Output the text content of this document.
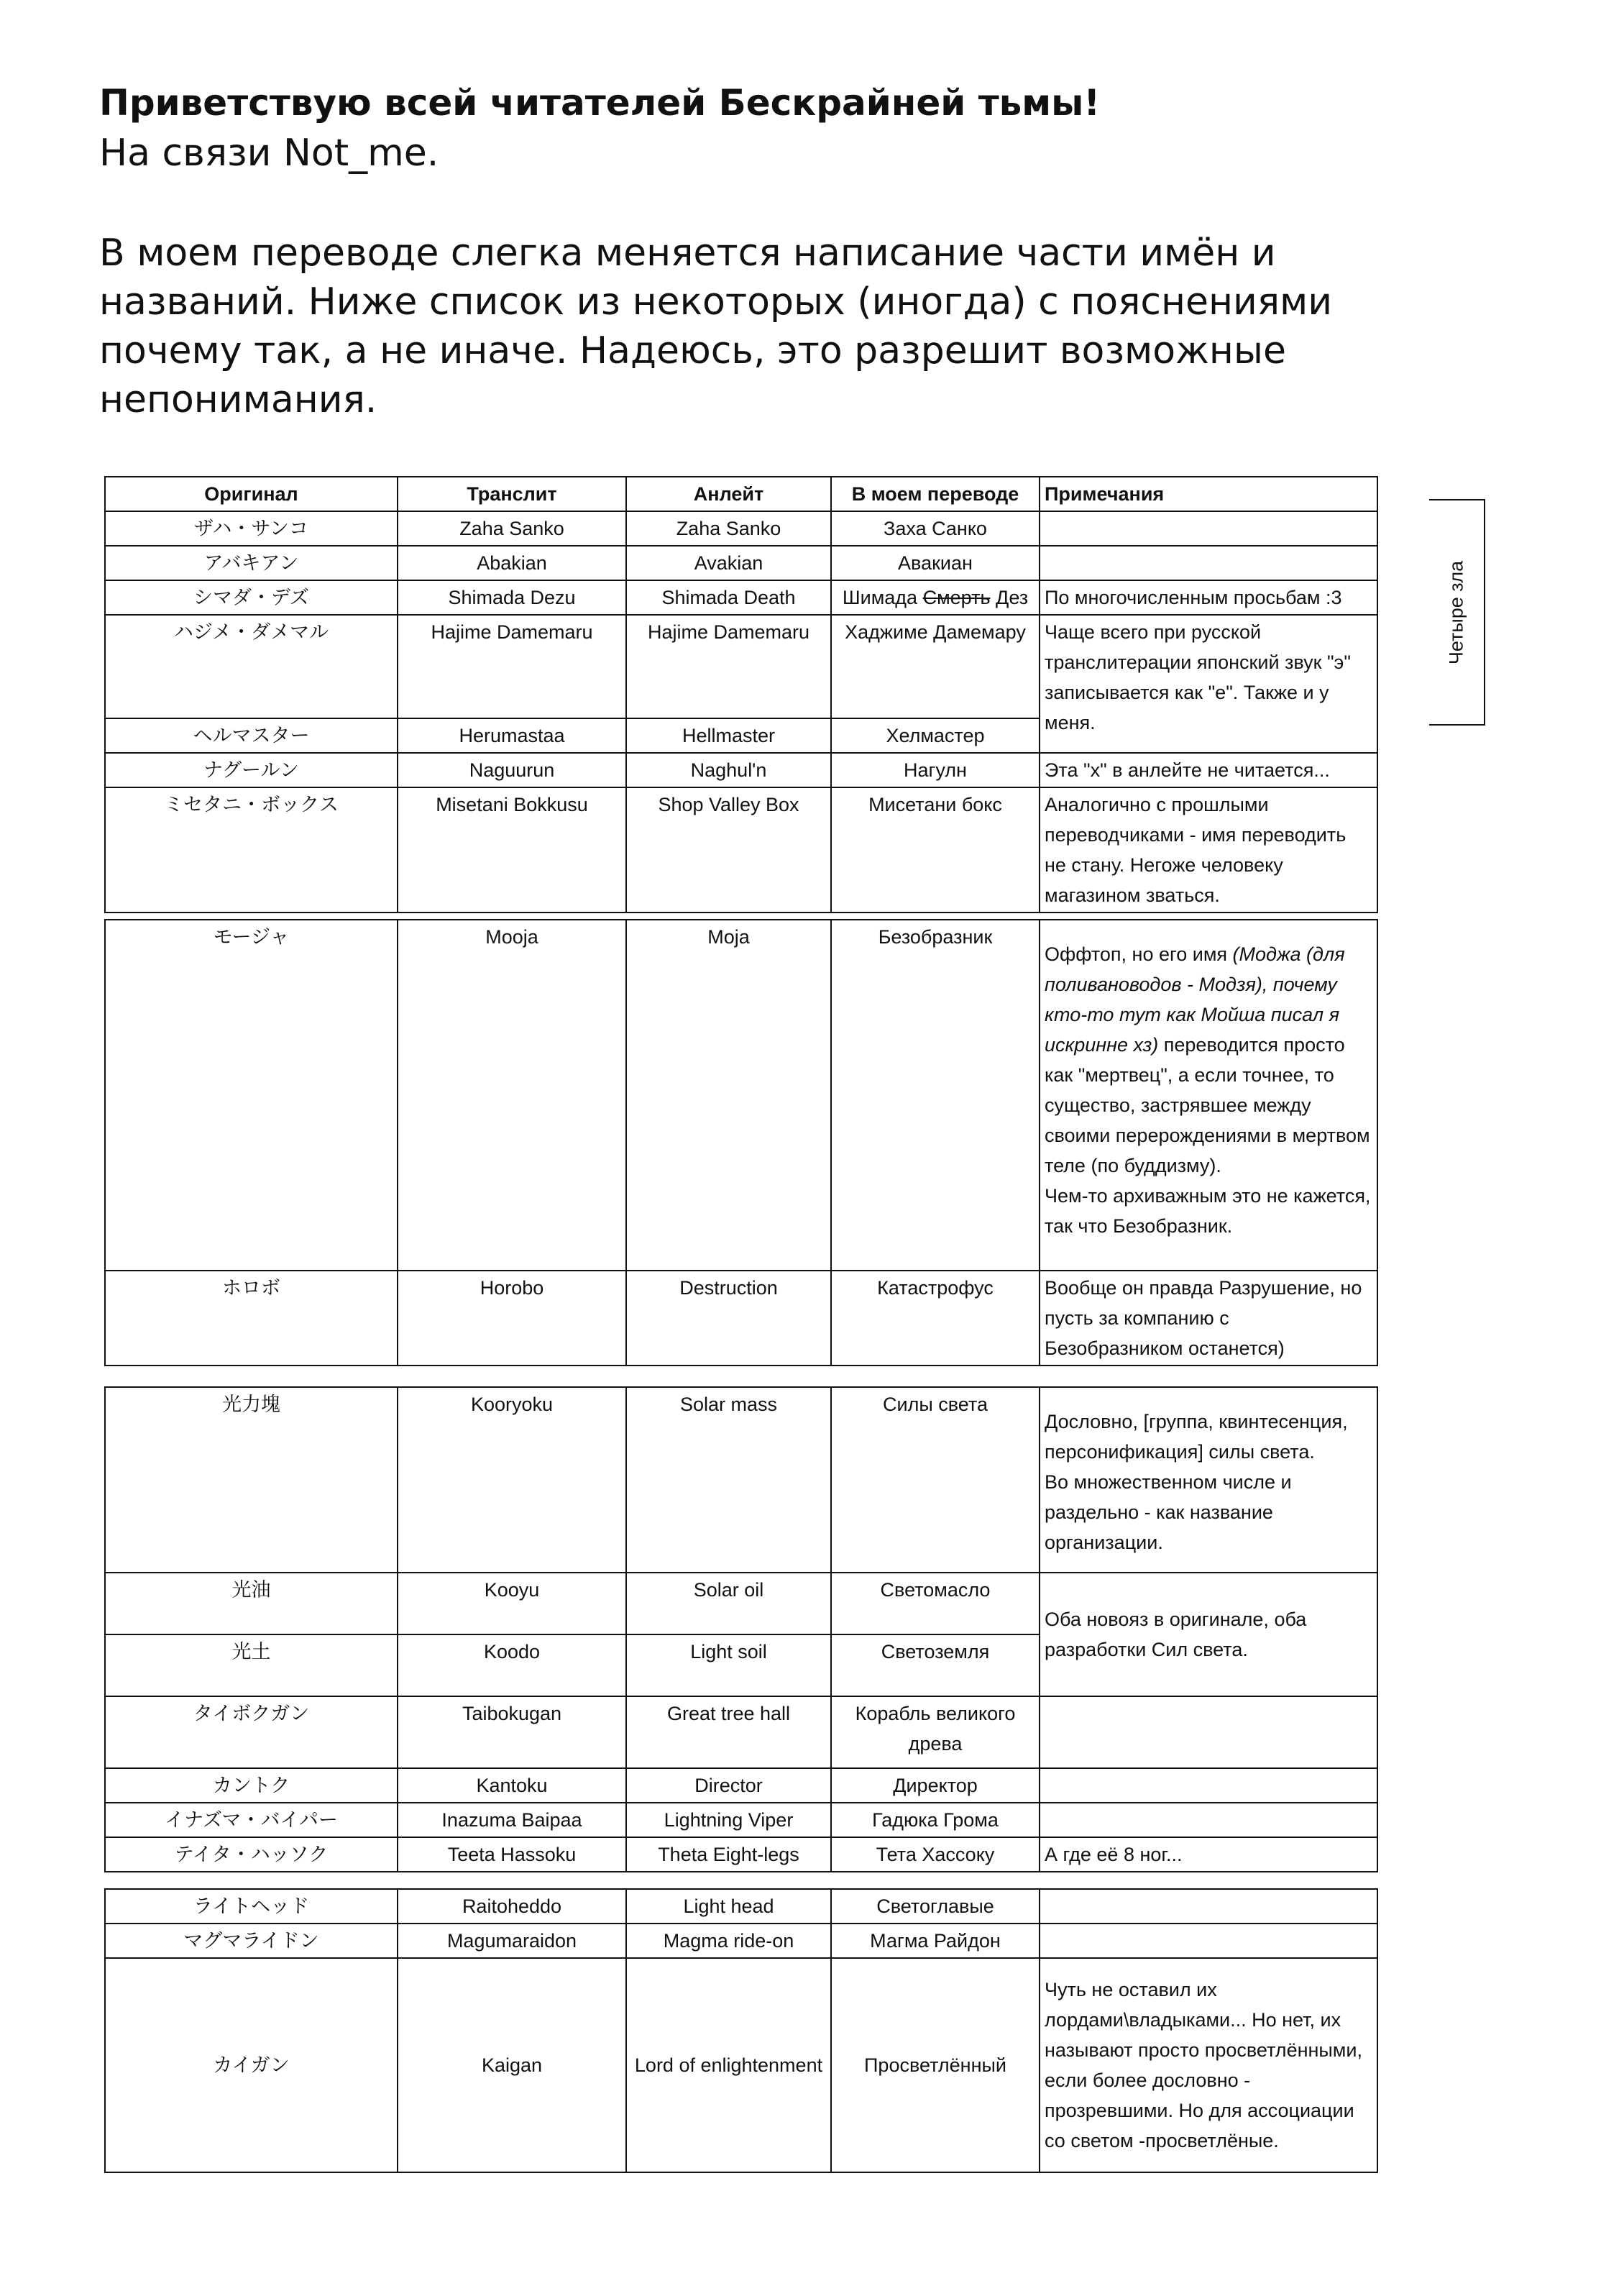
Приветствую всей читателей Бескрайней тьмы!

На связи Not_me.

В моем переводе слегка меняется написание части имён и названий. Ниже список из некоторых (иногда) с пояснениями почему так, а не иначе. Надеюсь, это разрешит возможные непонимания.

Оригинал	Транслит	Анлейт	В моем переводе	Примечания
ザハ・サンコ	Zaha Sanko	Zaha Sanko	Заха Санко	
アバキアン	Abakian	Avakian	Авакиан	
シマダ・デズ	Shimada Dezu	Shimada Death	Шимада Смерть Дез	По многочисленным просьбам :3
ハジメ・ダメマル	Hajime Damemaru	Hajime Damemaru	Хаджиме Дамемару	Чаще всего при русской транслитерации японский звук "э" записывается как "е". Также и у меня.
ヘルマスター	Herumastaa	Hellmaster	Хелмастер	
ナグールン	Naguurun	Naghul'n	Нагулн	Эта "х" в анлейте не читается...
ミセタニ・ボックス	Misetani Bokkusu	Shop Valley Box	Мисетани бокс	Аналогично с прошлыми переводчиками - имя переводить не стану. Негоже человеку магазином зваться.
Четыре зла
モージャ	Mooja	Moja	Безобразник	Оффтоп, но его имя (Моджа (для поливановодов - Модзя), почему кто-то тут как Мойша писал я искринне хз) переводится просто как "мертвец", а если точнее, то существо, застрявшее между своими перерождениями в мертвом теле (по буддизму).
Чем-то архиважным это не кажется, так что Безобразник.
ホロボ	Horobo	Destruction	Катастрофус	Вообще он правда Разрушение, но пусть за компанию с Безобразником останется)
光力塊	Kooryoku	Solar mass	Силы света	Дословно, [группа, квинтесенция, персонификация] силы света.
Во множественном числе и раздельно - как название организации.
光油	Kooyu	Solar oil	Светомасло	Оба новояз в оригинале, оба разработки Сил света.
光土	Koodo	Light soil	Светоземля	
タイボクガン	Taibokugan	Great tree hall	Корабль великого древа	
カントク	Kantoku	Director	Директор	
イナズマ・バイパー	Inazuma Baipaa	Lightning Viper	Гадюка Грома	
テイタ・ハッソク	Teeta Hassoku	Theta Eight-legs	Тета Хассоку	А где её 8 ног...
ライトヘッド	Raitoheddo	Light head	Светоглавые	
マグマライドン	Magumaraidon	Magma ride-on	Магма Райдон	
カイガン	Kaigan	Lord of enlightenment	Просветлённый	Чуть не оставил их лордами\владыками... Но нет, их называют просто просветлёнными, если более дословно - прозревшими. Но для ассоциации со светом -просветлёные.
